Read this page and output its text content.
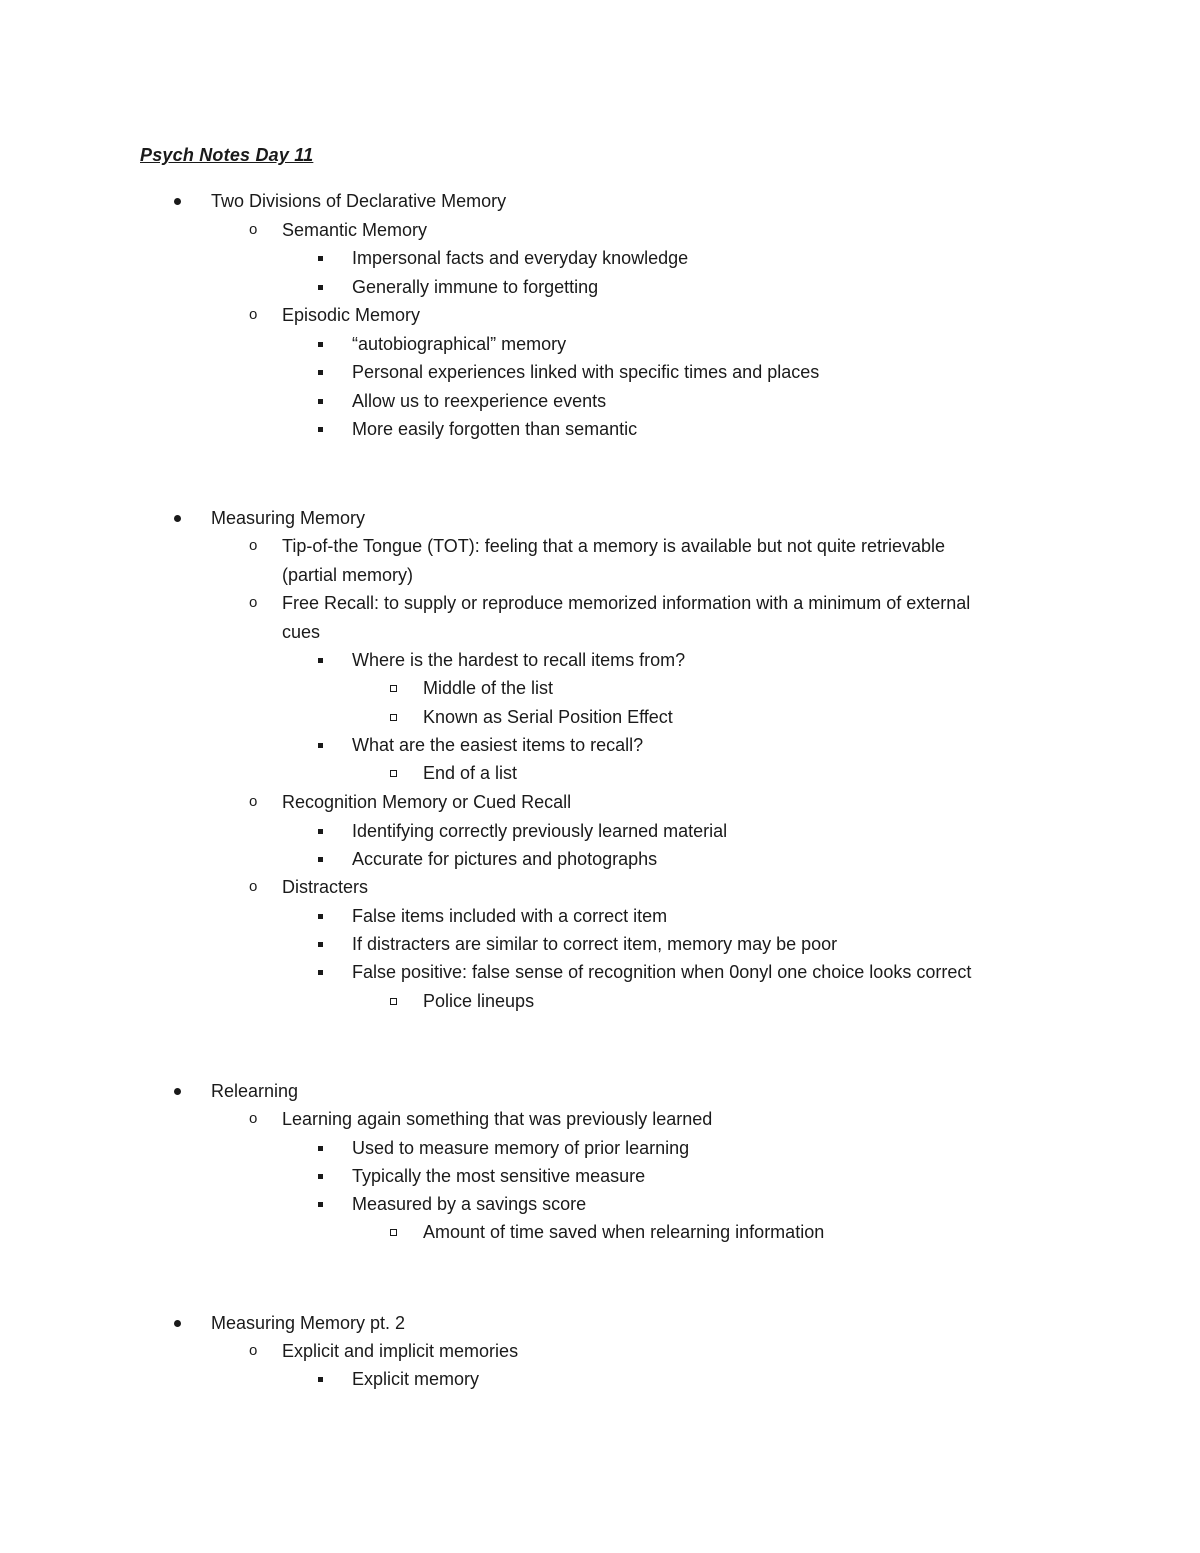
Psych Notes Day 11
Two Divisions of Declarative Memory
o Semantic Memory
Impersonal facts and everyday knowledge
Generally immune to forgetting
o Episodic Memory
“autobiographical” memory
Personal experiences linked with specific times and places
Allow us to reexperience events
More easily forgotten than semantic
Measuring Memory
o Tip-of-the Tongue (TOT): feeling that a memory is available but not quite retrievable
(partial memory)
o Free Recall: to supply or reproduce memorized information with a minimum of external
cues
Where is the hardest to recall items from?
Middle of the list
Known as Serial Position Effect
What are the easiest items to recall?
End of a list
o Recognition Memory or Cued Recall
Identifying correctly previously learned material
Accurate for pictures and photographs
o Distracters
False items included with a correct item
If distracters are similar to correct item, memory may be poor
False positive: false sense of recognition when 0onyl one choice looks correct
Police lineups
Relearning
o Learning again something that was previously learned
Used to measure memory of prior learning
Typically the most sensitive measure
Measured by a savings score
Amount of time saved when relearning information
Measuring Memory pt. 2
o Explicit and implicit memories
Explicit memory
